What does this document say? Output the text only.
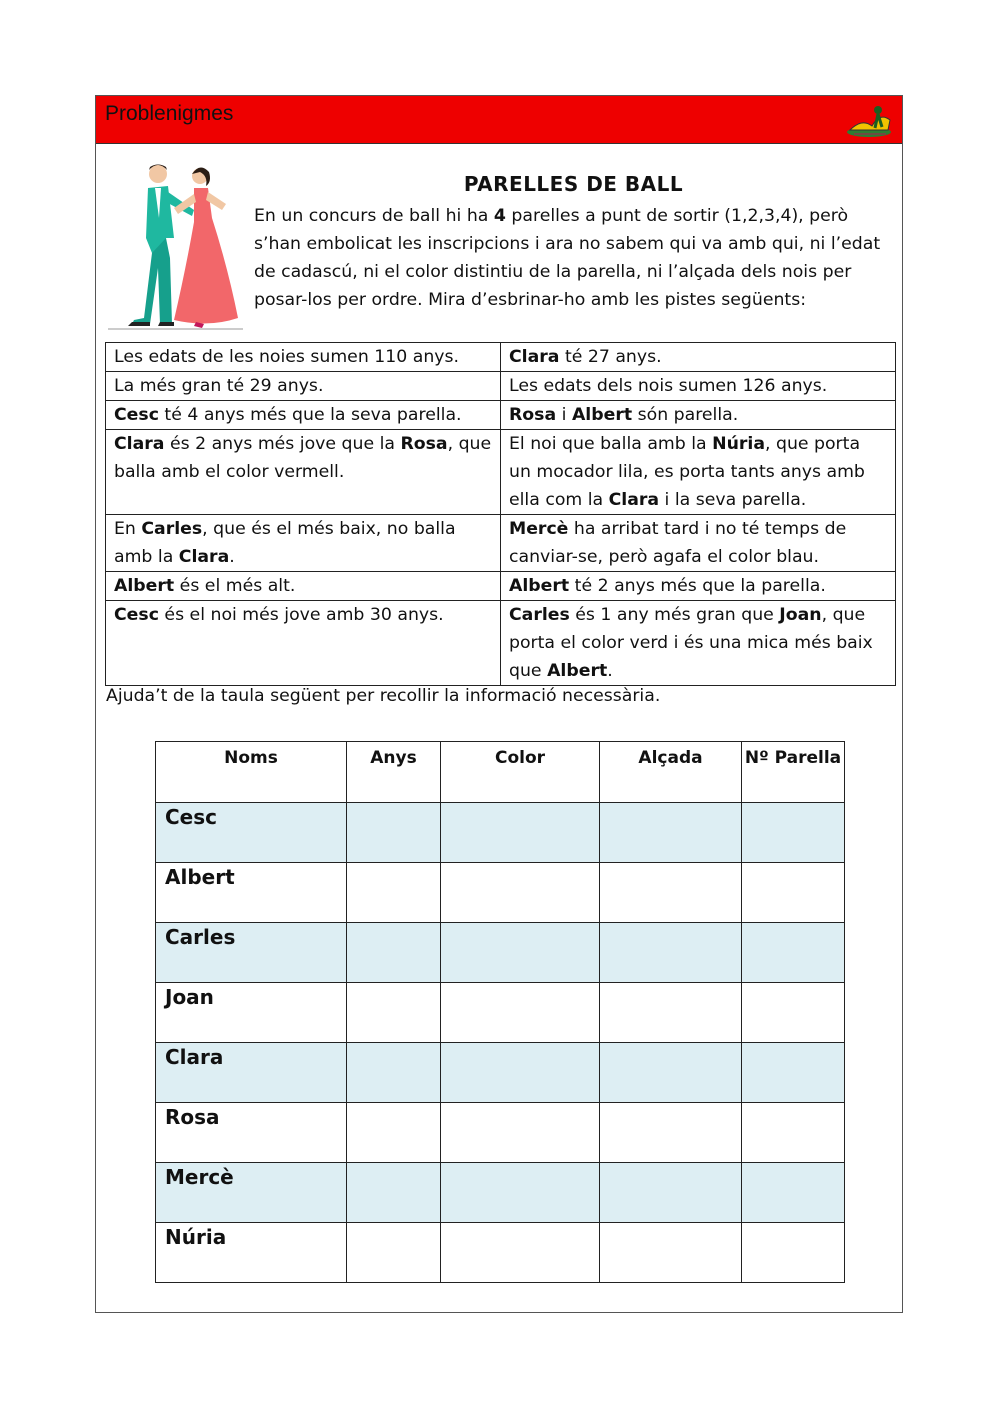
Problenigmes
PARELLES DE BALL

En un concurs de ball hi ha 4 parelles a punt de sortir (1,2,3,4), però s’han embolicat les inscripcions i ara no sabem qui va amb qui, ni l’edat de cadascú, ni el color distintiu de la parella, ni l’alçada dels nois per posar-los per ordre. Mira d’esbrinar-ho amb les pistes següents:

Les edats de les noies sumen 110 anys.	Clara té 27 anys.
La més gran té 29 anys.	Les edats dels nois sumen 126 anys.
Cesc té 4 anys més que la seva parella.	Rosa i Albert són parella.
Clara és 2 anys més jove que la Rosa, que balla amb el color vermell.	El noi que balla amb la Núria, que porta un mocador lila, es porta tants anys amb ella com la Clara i la seva parella.
En Carles, que és el més baix, no balla amb la Clara.	Mercè ha arribat tard i no té temps de canviar-se, però agafa el color blau.
Albert és el més alt.	Albert té 2 anys més que la parella.
Cesc és el noi més jove amb 30 anys.	Carles és 1 any més gran que Joan, que porta el color verd i és una mica més baix que Albert.

Ajuda’t de la taula següent per recollir la informació necessària.

Noms	Anys	Color	Alçada	Nº Parella
Cesc				
Albert				
Carles				
Joan				
Clara				
Rosa				
Mercè				
Núria				
